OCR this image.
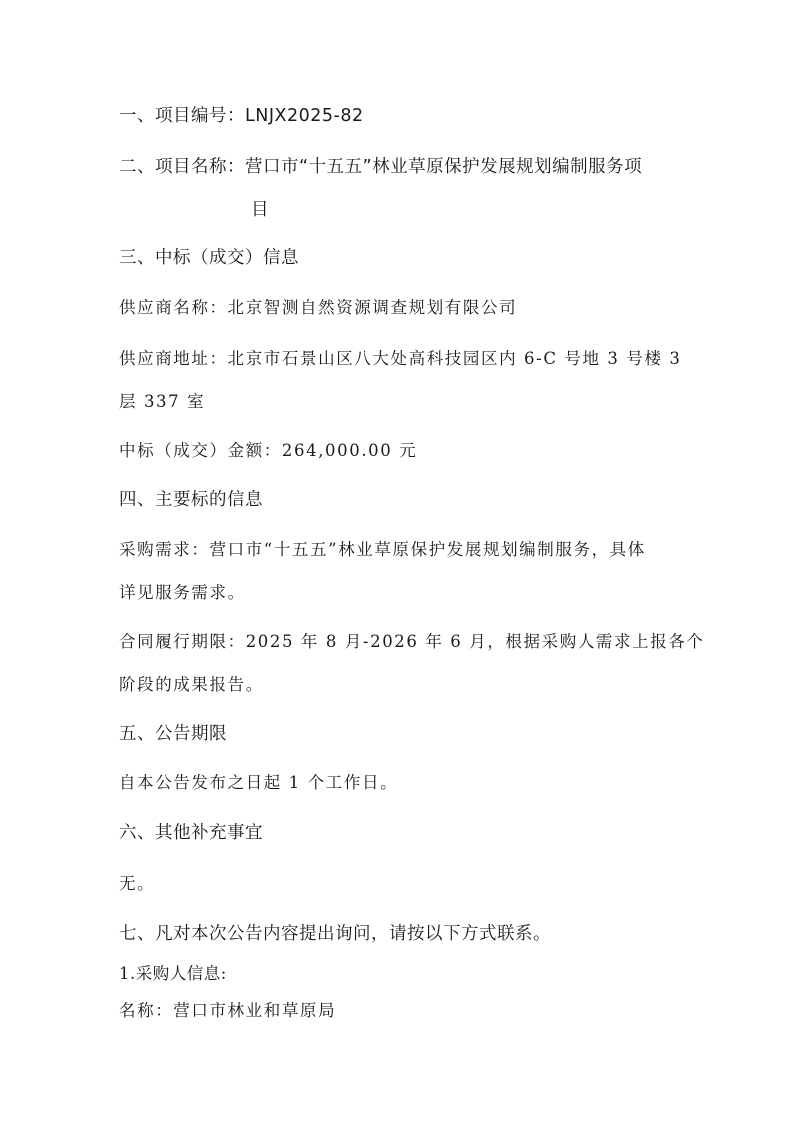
一、项目编号：LNJX2025-82
二、项目名称：营口市“十五五”林业草原保护发展规划编制服务项
目
三、中标（成交）信息
供应商名称：北京智测自然资源调查规划有限公司
供应商地址：北京市石景山区八大处高科技园区内 6-C 号地 3 号楼 3
层 337 室
中标（成交）金额：264,000.00 元
四、主要标的信息
采购需求：营口市“十五五”林业草原保护发展规划编制服务，具体
详见服务需求。
合同履行期限：2025 年 8 月-2026 年 6 月，根据采购人需求上报各个
阶段的成果报告。
五、公告期限
自本公告发布之日起 1 个工作日。
六、其他补充事宜
无。
七、凡对本次公告内容提出询问，请按以下方式联系。
1.采购人信息:
名称：营口市林业和草原局
